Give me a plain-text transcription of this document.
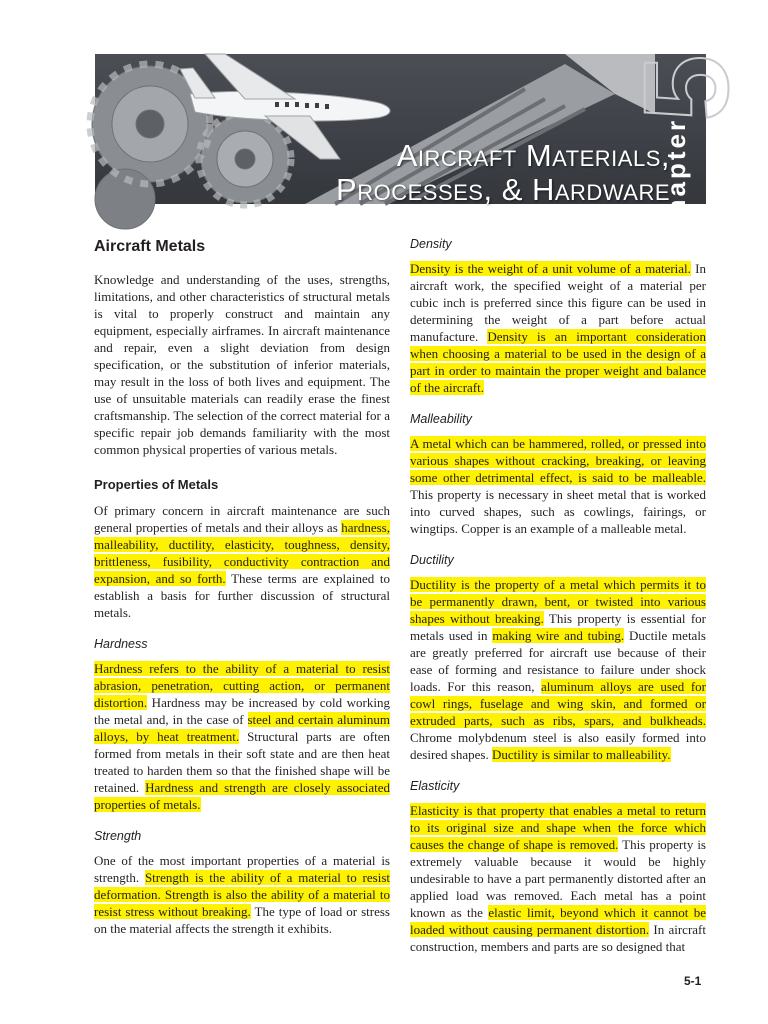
5
Chapter
Aircraft Materials,
Processes, & Hardware
Aircraft Metals

Knowledge and understanding of the uses, strengths, limitations, and other characteristics of structural metals is vital to properly construct and maintain any equipment, especially airframes. In aircraft maintenance and repair, even a slight deviation from design specification, or the substitution of inferior materials, may result in the loss of both lives and equipment. The use of unsuitable materials can readily erase the finest craftsmanship. The selection of the correct material for a specific repair job demands familiarity with the most common physical properties of various metals.

Properties of Metals

Of primary concern in aircraft maintenance are such general properties of metals and their alloys as hardness, malleability, ductility, elasticity, toughness, density, brittleness, fusibility, conductivity contraction and expansion, and so forth. These terms are explained to establish a basis for further discussion of structural metals.

Hardness

Hardness refers to the ability of a material to resist abrasion, penetration, cutting action, or permanent distortion. Hardness may be increased by cold working the metal and, in the case of steel and certain aluminum alloys, by heat treatment. Structural parts are often formed from metals in their soft state and are then heat treated to harden them so that the finished shape will be retained. Hardness and strength are closely associated properties of metals.

Strength

One of the most important properties of a material is strength. Strength is the ability of a material to resist deformation. Strength is also the ability of a material to resist stress without breaking. The type of load or stress on the material affects the strength it exhibits.

Density

Density is the weight of a unit volume of a material. In aircraft work, the specified weight of a material per cubic inch is preferred since this figure can be used in determining the weight of a part before actual manufacture. Density is an important consideration when choosing a material to be used in the design of a part in order to maintain the proper weight and balance of the aircraft.

Malleability

A metal which can be hammered, rolled, or pressed into various shapes without cracking, breaking, or leaving some other detrimental effect, is said to be malleable. This property is necessary in sheet metal that is worked into curved shapes, such as cowlings, fairings, or wingtips. Copper is an example of a malleable metal.

Ductility

Ductility is the property of a metal which permits it to be permanently drawn, bent, or twisted into various shapes without breaking. This property is essential for metals used in making wire and tubing. Ductile metals are greatly preferred for aircraft use because of their ease of forming and resistance to failure under shock loads. For this reason, aluminum alloys are used for cowl rings, fuselage and wing skin, and formed or extruded parts, such as ribs, spars, and bulkheads. Chrome molybdenum steel is also easily formed into desired shapes. Ductility is similar to malleability.

Elasticity

Elasticity is that property that enables a metal to return to its original size and shape when the force which causes the change of shape is removed. This property is extremely valuable because it would be highly undesirable to have a part permanently distorted after an applied load was removed. Each metal has a point known as the elastic limit, beyond which it cannot be loaded without causing permanent distortion. In aircraft construction, members and parts are so designed that

5-1
